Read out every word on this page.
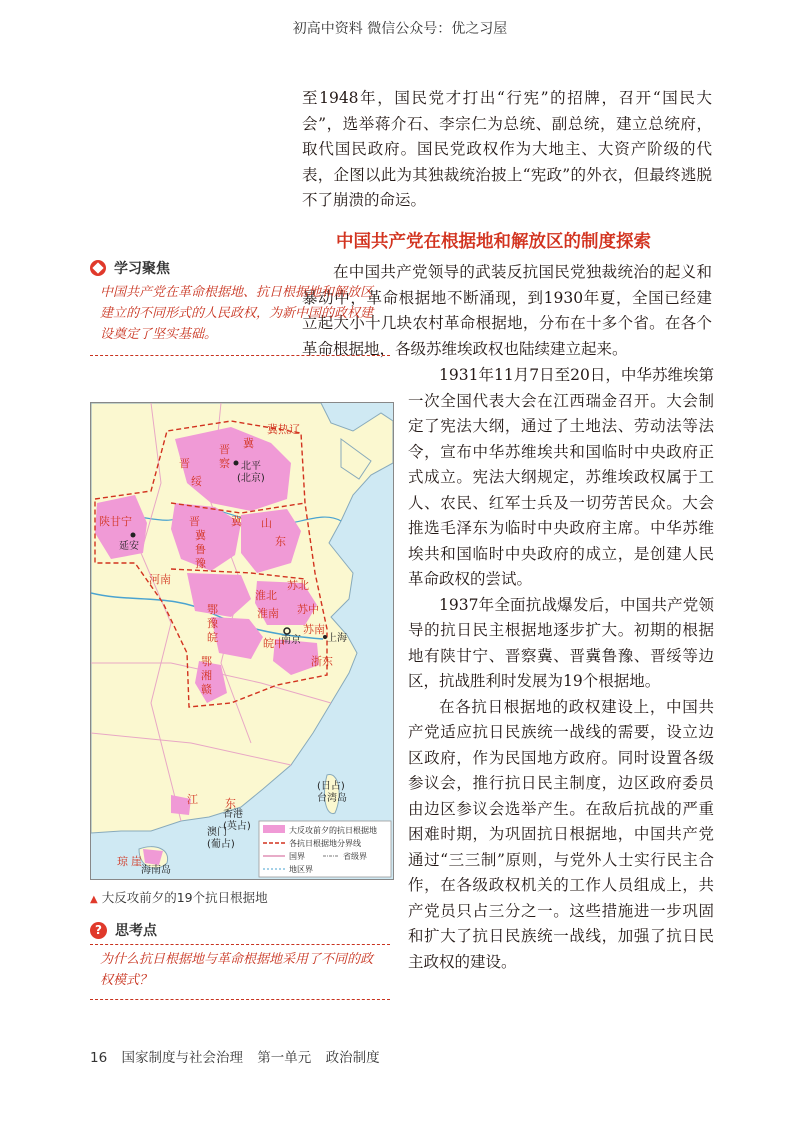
初高中资料 微信公众号：优之习屋

至1948年，国民党才打出“行宪”的招牌，召开“国民大会”，选举蒋介石、李宗仁为总统、副总统，建立总统府，取代国民政府。国民党政权作为大地主、大资产阶级的代表，企图以此为其独裁统治披上“宪政”的外衣，但最终逃脱不了崩溃的命运。

中国共产党在根据地和解放区的制度探索

在中国共产党领导的武装反抗国民党独裁统治的起义和暴动中，革命根据地不断涌现，到1930年夏，全国已经建立起大小十几块农村革命根据地，分布在十多个省。在各个革命根据地，各级苏维埃政权也陆续建立起来。

1931年11月7日至20日，中华苏维埃第一次全国代表大会在江西瑞金召开。大会制定了宪法大纲，通过了土地法、劳动法等法令，宣布中华苏维埃共和国临时中央政府正式成立。宪法大纲规定，苏维埃政权属于工人、农民、红军士兵及一切劳苦民众。大会推选毛泽东为临时中央政府主席。中华苏维埃共和国临时中央政府的成立，是创建人民革命政权的尝试。

1937年全面抗战爆发后，中国共产党领导的抗日民主根据地逐步扩大。初期的根据地有陕甘宁、晋察冀、晋冀鲁豫、晋绥等边区，抗战胜利时发展为19个根据地。

在各抗日根据地的政权建设上，中国共产党适应抗日民族统一战线的需要，设立边区政府，作为民国地方政府。同时设置各级参议会，推行抗日民主制度，边区政府委员由边区参议会选举产生。在敌后抗战的严重困难时期，为巩固抗日根据地，中国共产党通过“三三制”原则，与党外人士实行民主合作，在各级政权机关的工作人员组成上，共产党员只占三分之一。这些措施进一步巩固和扩大了抗日民族统一战线，加强了抗日民主政权的建设。

学习聚焦
中国共产党在革命根据地、抗日根据地和解放区建立的不同形式的人民政权，为新中国的政权建设奠定了坚实基础。
北平
(北京)
延安
南京	上海
澳门
(葡占)
香港
(英占)
(日占)
台湾岛
海南岛
陕甘宁
晋
绥
晋
察
冀
冀热辽
晋
冀
鲁
豫
冀 山
东
河南
鄂
豫
皖
苏北
苏中
淮南
淮北
皖中
苏南
浙东
湘
赣
鄂
东
江
琼 崖
大反攻前夕的抗日根据地
各抗日根据地分界线
国界	省级界
地区界
▲ 大反攻前夕的19个抗日根据地
? 思考点
为什么抗日根据地与革命根据地采用了不同的政权模式？
16 国家制度与社会治理 第一单元 政治制度
